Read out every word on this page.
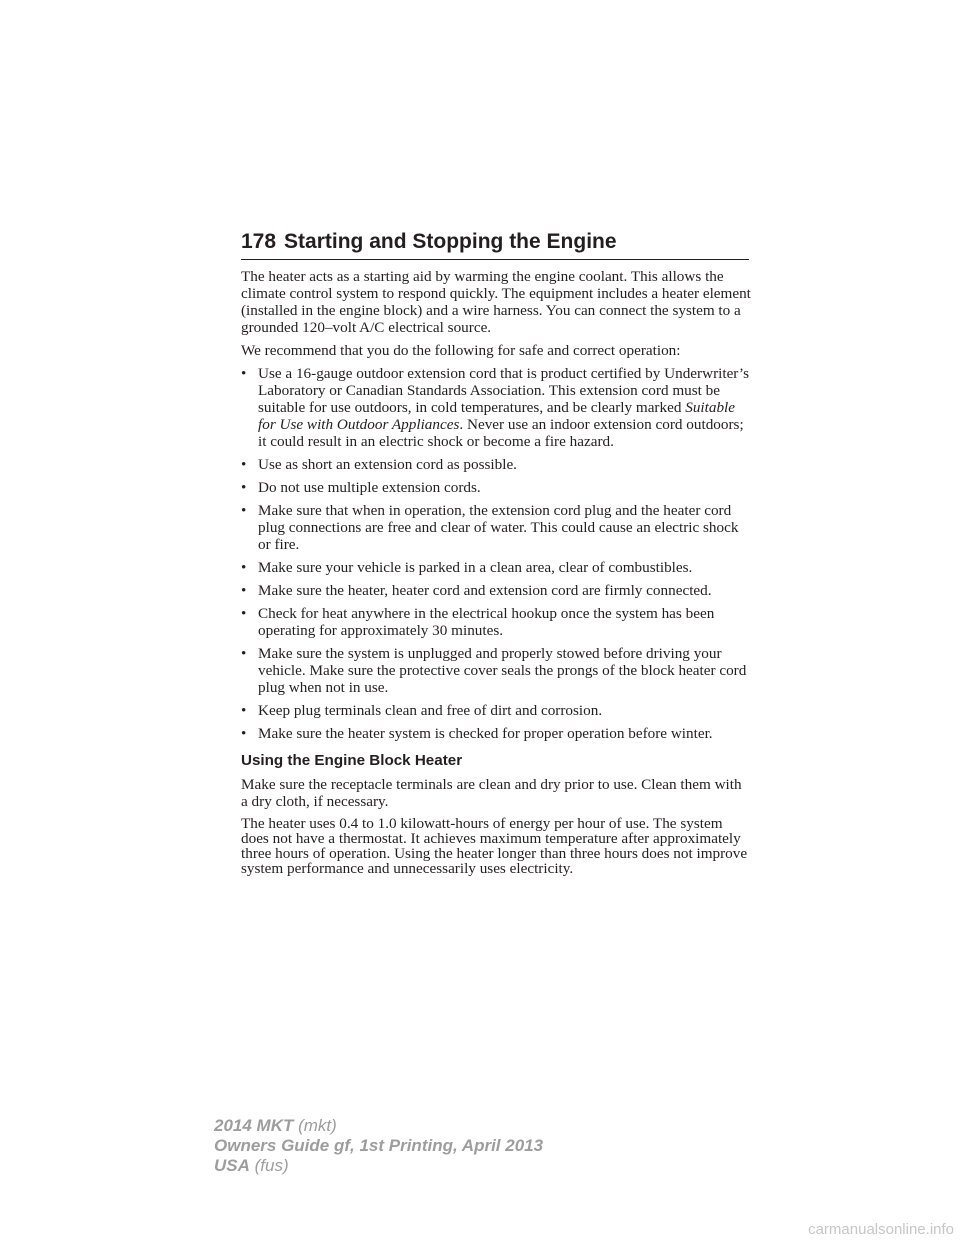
178 Starting and Stopping the Engine

The heater acts as a starting aid by warming the engine coolant. This allows the climate control system to respond quickly. The equipment includes a heater element (installed in the engine block) and a wire harness. You can connect the system to a grounded 120–volt A/C electrical source.

We recommend that you do the following for safe and correct operation:

• Use a 16-gauge outdoor extension cord that is product certified by Underwriter’s Laboratory or Canadian Standards Association. This extension cord must be suitable for use outdoors, in cold temperatures, and be clearly marked Suitable for Use with Outdoor Appliances. Never use an indoor extension cord outdoors; it could result in an electric shock or become a fire hazard.
• Use as short an extension cord as possible.
• Do not use multiple extension cords.
• Make sure that when in operation, the extension cord plug and the heater cord plug connections are free and clear of water. This could cause an electric shock or fire.
• Make sure your vehicle is parked in a clean area, clear of combustibles.
• Make sure the heater, heater cord and extension cord are firmly connected.
• Check for heat anywhere in the electrical hookup once the system has been operating for approximately 30 minutes.
• Make sure the system is unplugged and properly stowed before driving your vehicle. Make sure the protective cover seals the prongs of the block heater cord plug when not in use.
• Keep plug terminals clean and free of dirt and corrosion.
• Make sure the heater system is checked for proper operation before winter.
Using the Engine Block Heater

Make sure the receptacle terminals are clean and dry prior to use. Clean them with a dry cloth, if necessary.

The heater uses 0.4 to 1.0 kilowatt-hours of energy per hour of use. The system does not have a thermostat. It achieves maximum temperature after approximately three hours of operation. Using the heater longer than three hours does not improve system performance and unnecessarily uses electricity.

2014 MKT (mkt)
Owners Guide gf, 1st Printing, April 2013
USA (fus)
carmanualsonline.info
